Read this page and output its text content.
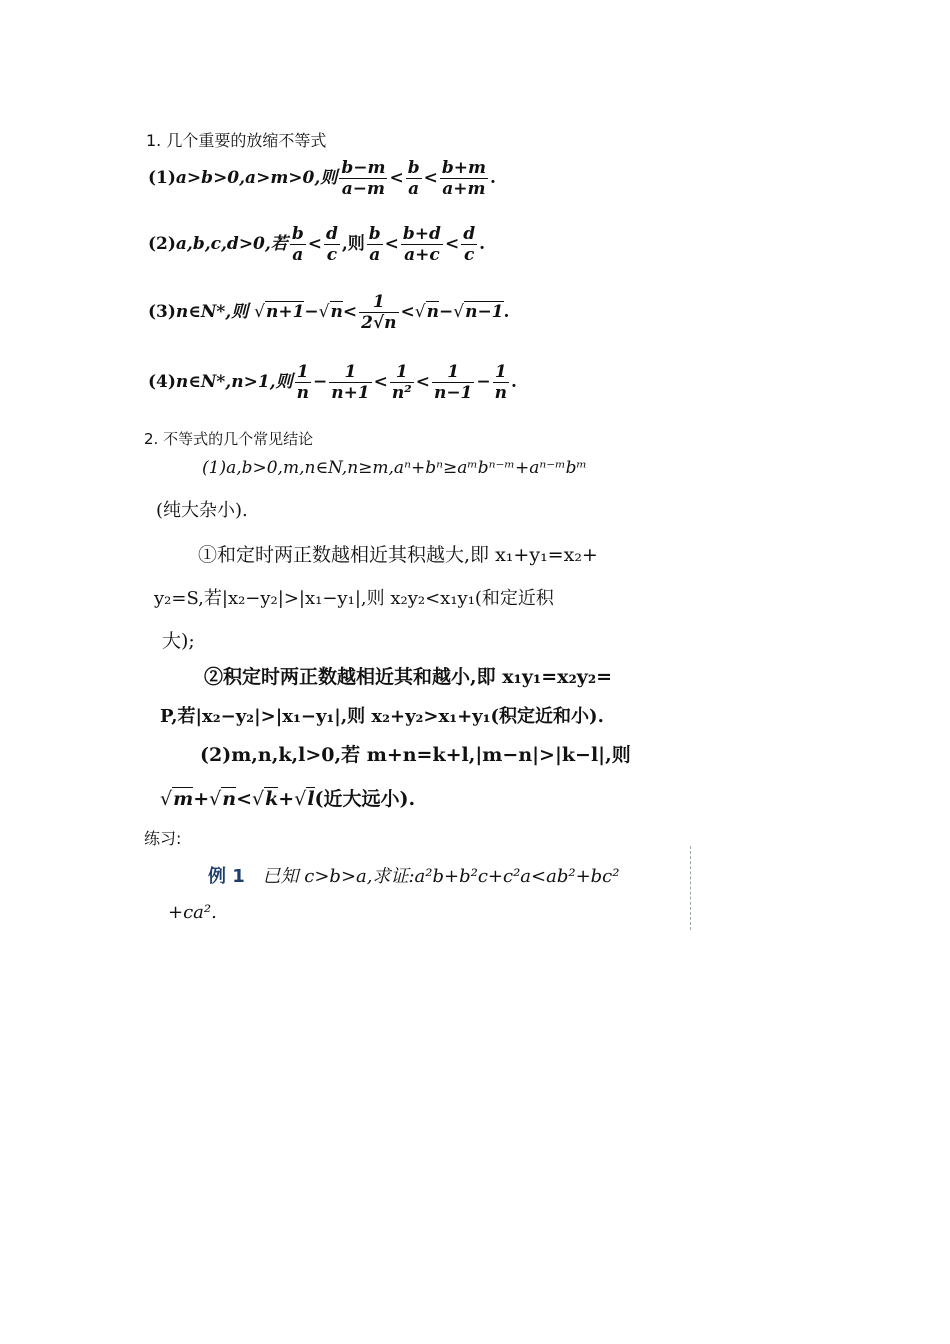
1. 几个重要的放缩不等式
(1)a>b>0,a>m>0,则 $\frac{b-m}{a-m} < \frac{b}{a} < \frac{b+m}{a+m}$ .
(2)a,b,c,d>0,若 $\frac{b}{a} < \frac{d}{c}$ ,则 $\frac{b}{a} < \frac{b+d}{a+c} < \frac{d}{c}$ .
(3)n∈N*,则 $√n+1-√n< \frac{1}{2√n} <√n-√n-1$.
(4)n∈N*,n>1,则 $\frac{1}{n} - \frac{1}{n+1} < \frac{1}{\text{n²}} < \frac{1}{n-1} - \frac{1}{n}$ .
2. 不等式的几个常见结论
(1)a,b>0,m,n∈N,n≥m,aⁿ+bⁿ≥aᵐbⁿ⁻ᵐ+aⁿ⁻ᵐbᵐ
(纯大杂小).
①和定时两正数越相近其积越大,即 x₁+y₁=x₂+
y₂=S,若|x₂−y₂|>|x₁−y₁|,则 x₂y₂<x₁y₁(和定近积
大);
②积定时两正数越相近其和越小,即 x₁y₁=x₂y₂=
P,若|x₂−y₂|>|x₁−y₁|,则 x₂+y₂>x₁+y₁(积定近和小).
(2)m,n,k,l>0,若 m+n=k+l,|m−n|>|k−l|,则
√m+√n<√k+√l(近大远小).
练习:
例 1 已知 c>b>a,求证:a²b+b²c+c²a<ab²+bc²
+ca².
